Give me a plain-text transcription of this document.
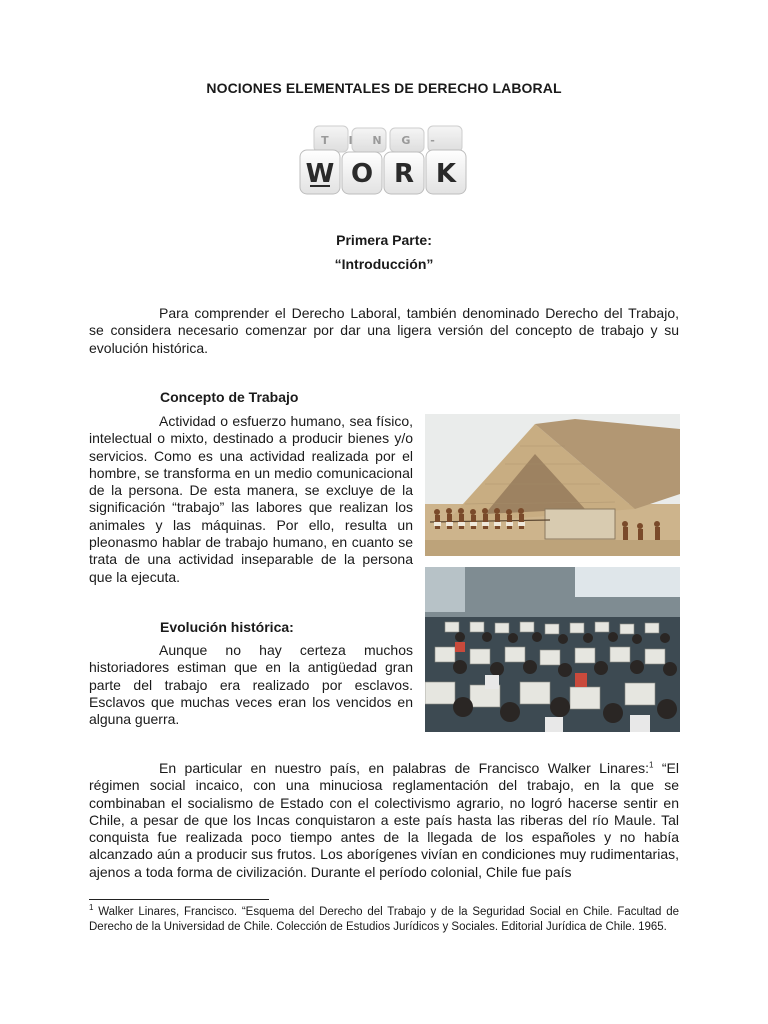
NOCIONES ELEMENTALES DE DERECHO LABORAL
T I N G -
W O R K
Primera Parte:
“Introducción”

Para comprender el Derecho Laboral, también denominado Derecho del Trabajo, se considera necesario comenzar por dar una ligera versión del concepto de trabajo y su evolución histórica.

Concepto de Trabajo

Actividad o esfuerzo humano, sea físico, intelectual o mixto, destinado a producir bienes y/o servicios. Como es una actividad realizada por el hombre, se transforma en un medio comunicacional de la persona. De esta manera, se excluye de la significación “trabajo” las labores que realizan los animales y las máquinas. Por ello, resulta un pleonasmo hablar de trabajo humano, en cuanto se trata de una actividad inseparable de la persona que la ejecuta.

Evolución histórica:

Aunque no hay certeza muchos historiadores estiman que en la antigüedad gran parte del trabajo era realizado por esclavos. Esclavos que muchas veces eran los vencidos en alguna guerra.

En particular en nuestro país, en palabras de Francisco Walker Linares:$^1$ “El régimen social incaico, con una minuciosa reglamentación del trabajo, en la que se combinaban el socialismo de Estado con el colectivismo agrario, no logró hacerse sentir en Chile, a pesar de que los Incas conquistaron a este país hasta las riberas del río Maule. Tal conquista fue realizada poco tiempo antes de la llegada de los españoles y no había alcanzado aún a producir sus frutos. Los aborígenes vivían en condiciones muy rudimentarias, ajenos a toda forma de civilización. Durante el período colonial, Chile fue país

$^1$ Walker Linares, Francisco. “Esquema del Derecho del Trabajo y de la Seguridad Social en Chile. Facultad de Derecho de la Universidad de Chile. Colección de Estudios Jurídicos y Sociales. Editorial Jurídica de Chile. 1965.
